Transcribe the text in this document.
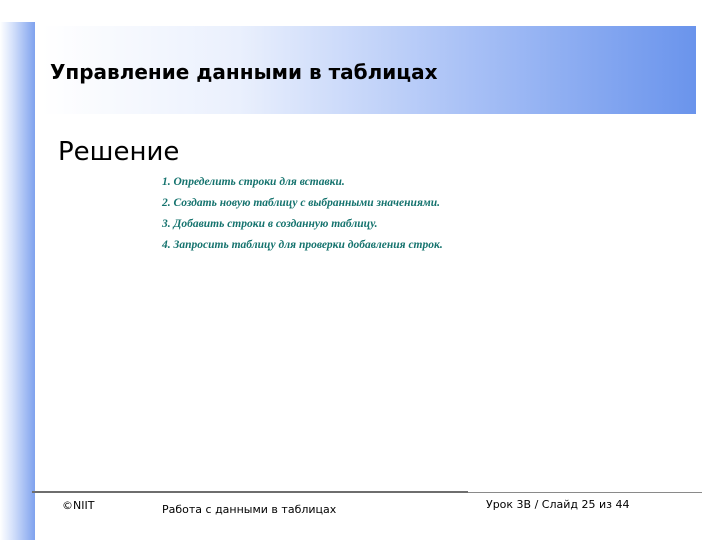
Управление данными в таблицах
Решение
1. Определить строки для вставки.
2. Создать новую таблицу с выбранными значениями.
3. Добавить строки в созданную таблицу.
4. Запросить таблицу для проверки добавления строк.
©NIIT	Работа с данными в таблицах	Урок 3B / Слайд 25 из 44
